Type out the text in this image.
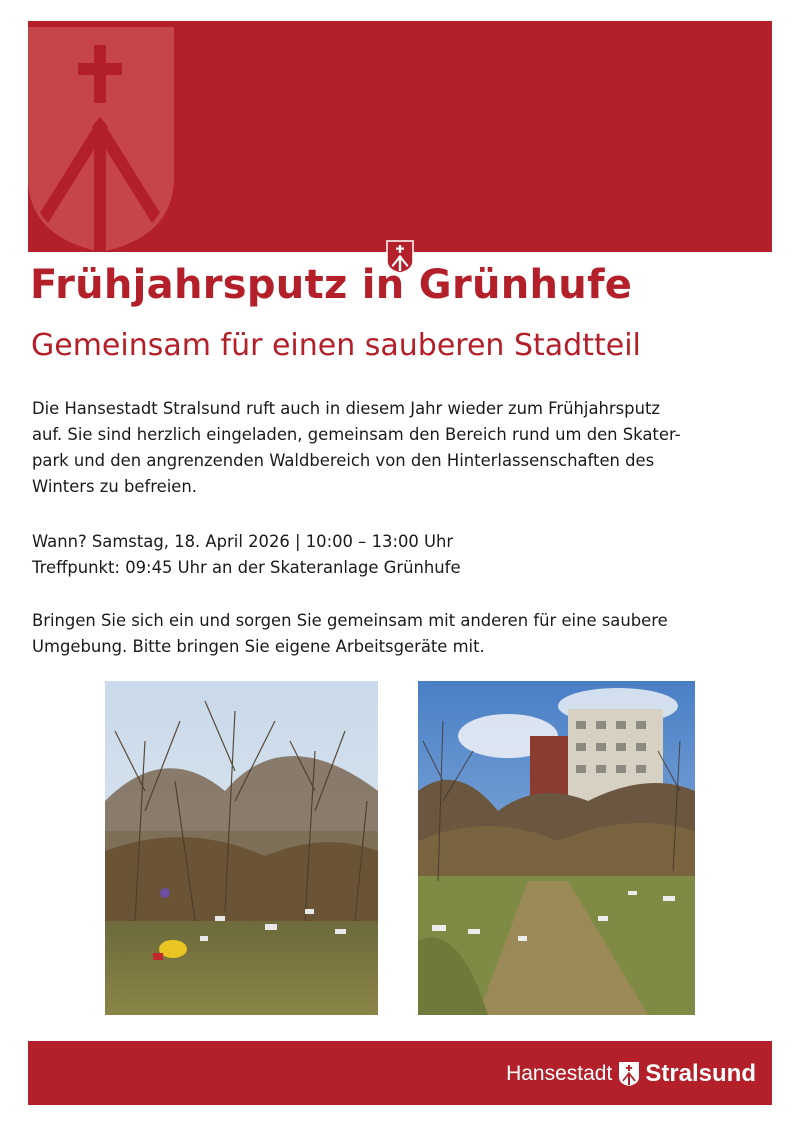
Frühjahrsputz in Grünhufe
Gemeinsam für einen sauberen Stadtteil

Die Hansestadt Stralsund ruft auch in diesem Jahr wieder zum Frühjahrsputz
auf. Sie sind herzlich eingeladen, gemeinsam den Bereich rund um den Skater-
park und den angrenzenden Waldbereich von den Hinterlassenschaften des
Winters zu befreien.

Wann? Samstag, 18. April 2026 | 10:00 – 13:00 Uhr
Treffpunkt: 09:45 Uhr an der Skateranlage Grünhufe

Bringen Sie sich ein und sorgen Sie gemeinsam mit anderen für eine saubere
Umgebung. Bitte bringen Sie eigene Arbeitsgeräte mit.

Hansestadt Stralsund
